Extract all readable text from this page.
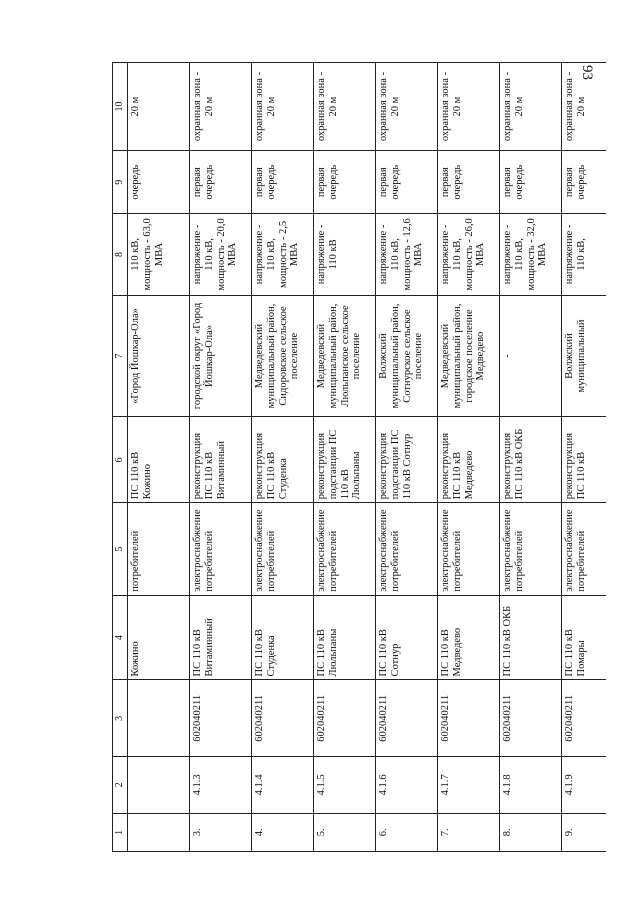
93
1	2	3	4	5	6	7	8	9	10
			Кожино	потребителей	ПС 110 кВ Кожино	«Город Йошкар-Ола»	110 кВ, мощность - 63,0 МВА	очередь	20 м
3.	4.1.3	602040211	ПС 110 кВ Витаминный	электроснабжение потребителей	реконструкция ПС 110 кВ Витаминный	городской округ «Город Йошкар-Ола»	напряжение - 110 кВ, мощность - 20,0 МВА	первая очередь	охранная зона - 20 м
4.	4.1.4	602040211	ПС 110 кВ Студенка	электроснабжение потребителей	реконструкция ПС 110 кВ Студенка	Медведевский муниципальный район, Сидоровское сельское поселение	напряжение - 110 кВ, мощность - 2,5 МВА	первая очередь	охранная зона - 20 м
5.	4.1.5	602040211	ПС 110 кВ Люльпаны	электроснабжение потребителей	реконструкция подстанции ПС 110 кВ Люльпаны	Медведевский муниципальный район, Люльпанское сельское поселение	напряжение - 110 кВ	первая очередь	охранная зона - 20 м
6.	4.1.6	602040211	ПС 110 кВ Сотнур	электроснабжение потребителей	реконструкция подстанции ПС 110 кВ Сотнур	Волжский муниципальный район, Сотнурское сельское поселение	напряжение - 110 кВ, мощность - 12,6 МВА	первая очередь	охранная зона - 20 м
7.	4.1.7	602040211	ПС 110 кВ Медведево	электроснабжение потребителей	реконструкция ПС 110 кВ Медведево	Медведевский муниципальный район, городское поселение Медведево	напряжение - 110 кВ, мощность - 26,0 МВА	первая очередь	охранная зона - 20 м
8.	4.1.8	602040211	ПС 110 кВ ОКБ	электроснабжение потребителей	реконструкция ПС 110 кВ ОКБ	-	напряжение - 110 кВ, мощность - 32,0 МВА	первая очередь	охранная зона - 20 м
9.	4.1.9	602040211	ПС 110 кВ Помары	электроснабжение потребителей	реконструкция ПС 110 кВ	Волжский муниципальный	напряжение - 110 кВ,	первая очередь	охранная зона - 20 м
